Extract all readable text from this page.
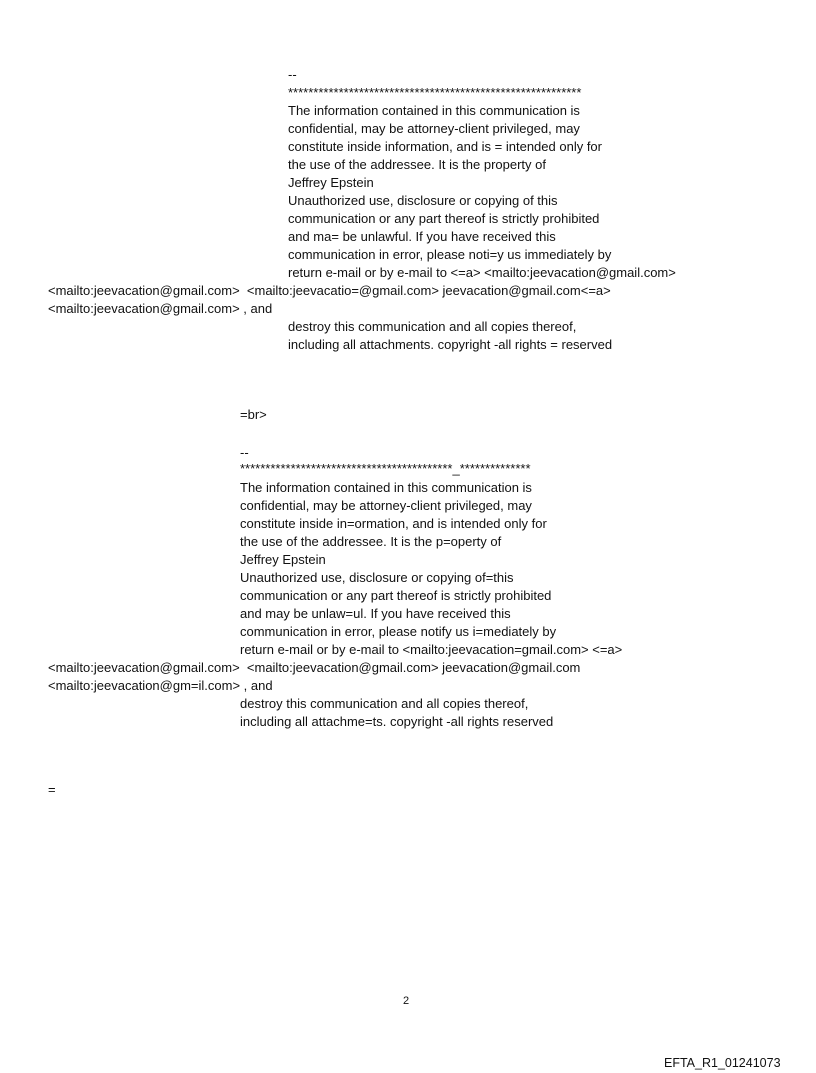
--
**********************************************************
The information contained in this communication is
confidential, may be attorney-client privileged, may
constitute inside information, and is = intended only for
the use of the addressee. It is the property of
Jeffrey Epstein
Unauthorized use, disclosure or copying of this
communication or any part thereof is strictly prohibited
and ma= be unlawful. If you have received this
communication in error, please noti=y us immediately by
return e-mail or by e-mail to <=a> <mailto:jeevacation@gmail.com>
<mailto:jeevacation@gmail.com>  <mailto:jeevacatio=@gmail.com> jeevacation@gmail.com<=a>
<mailto:jeevacation@gmail.com> , and
destroy this communication and all copies thereof,
including all attachments. copyright -all rights = reserved
=br>
--
******************************************_**************
The information contained in this communication is
confidential, may be attorney-client privileged, may
constitute inside in=ormation, and is intended only for
the use of the addressee. It is the p=operty of
Jeffrey Epstein
Unauthorized use, disclosure or copying of=this
communication or any part thereof is strictly prohibited
and may be unlaw=ul. If you have received this
communication in error, please notify us i=mediately by
return e-mail or by e-mail to <mailto:jeevacation=gmail.com> <=a>
<mailto:jeevacation@gmail.com>  <mailto:jeevacation@gmail.com> jeevacation@gmail.com
<mailto:jeevacation@gm=il.com> , and
destroy this communication and all copies thereof,
including all attachme=ts. copyright -all rights reserved
=
2
EFTA_R1_01241073
